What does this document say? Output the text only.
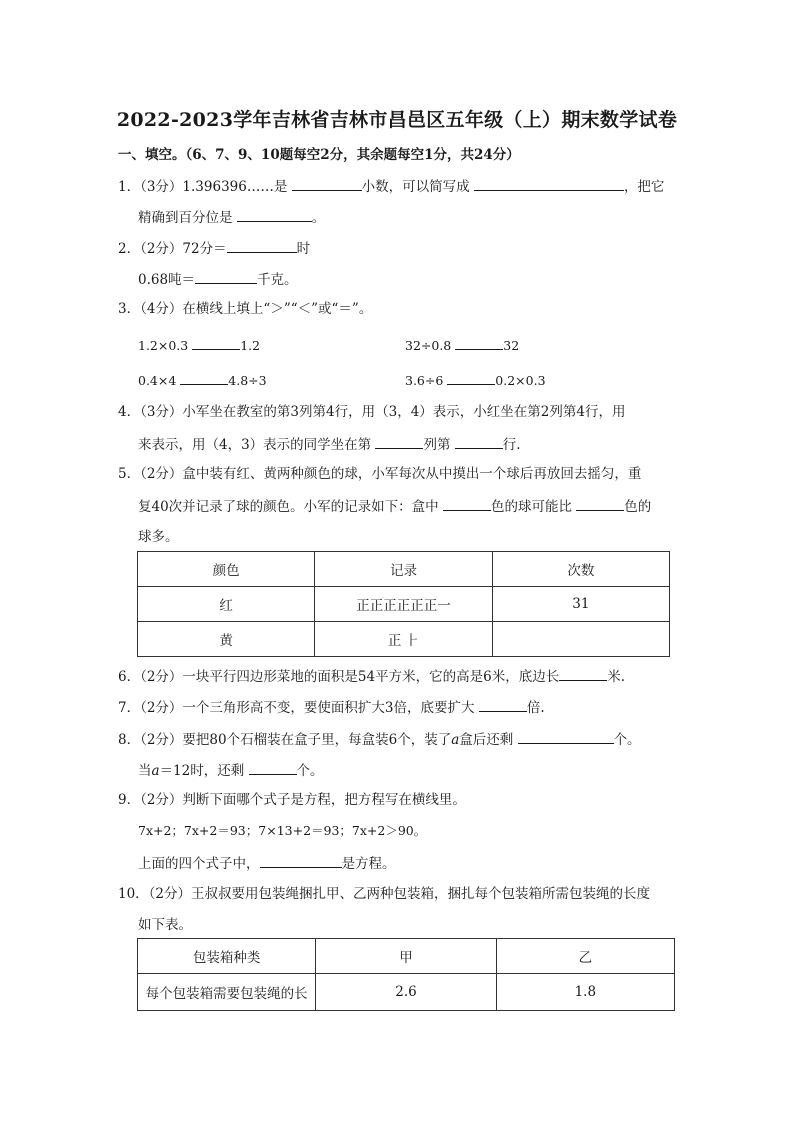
2022-2023学年吉林省吉林市昌邑区五年级（上）期末数学试卷
一、填空。（6、7、9、10题每空2分，其余题每空1分，共24分）
1．（3分）1.396396……是	小数，可以简写成	，把它
精确到百分位是	。
2．（2分）72分＝	时
0.68吨＝	千克。
3．（4分）在横线上填上“＞”“＜”或“＝”。
1.2×0.3	1.2	32÷0.8	32
0.4×4	4.8÷3	3.6÷6	0.2×0.3
4．（3分）小军坐在教室的第3列第4行，用（3，4）表示，小红坐在第2列第4行，用
来表示，用（4，3）表示的同学坐在第	列第	行.
5．（2分）盒中装有红、黄两种颜色的球，小军每次从中摸出一个球后再放回去摇匀，重
复40次并记录了球的颜色。小军的记录如下：盒中	色的球可能比	色的
球多。
颜色	记录	次数
红	正正正正正正一	31
黄	正 ⺊	
6．（2分）一块平行四边形菜地的面积是54平方米，它的高是6米，底边长	米.
7．（2分）一个三角形高不变，要使面积扩大3倍，底要扩大	倍.
8．（2分）要把80个石榴装在盒子里，每盒装6个，装了a盒后还剩	个。
当a＝12时，还剩	个。
9．（2分）判断下面哪个式子是方程，把方程写在横线里。
7x+2；7x+2＝93；7×13+2＝93；7x+2＞90。
上面的四个式子中，	是方程。
10．（2分）王叔叔要用包装绳捆扎甲、乙两种包装箱，捆扎每个包装箱所需包装绳的长度
如下表。
包装箱种类	甲	乙
每个包装箱需要包装绳的长	2.6	1.8
